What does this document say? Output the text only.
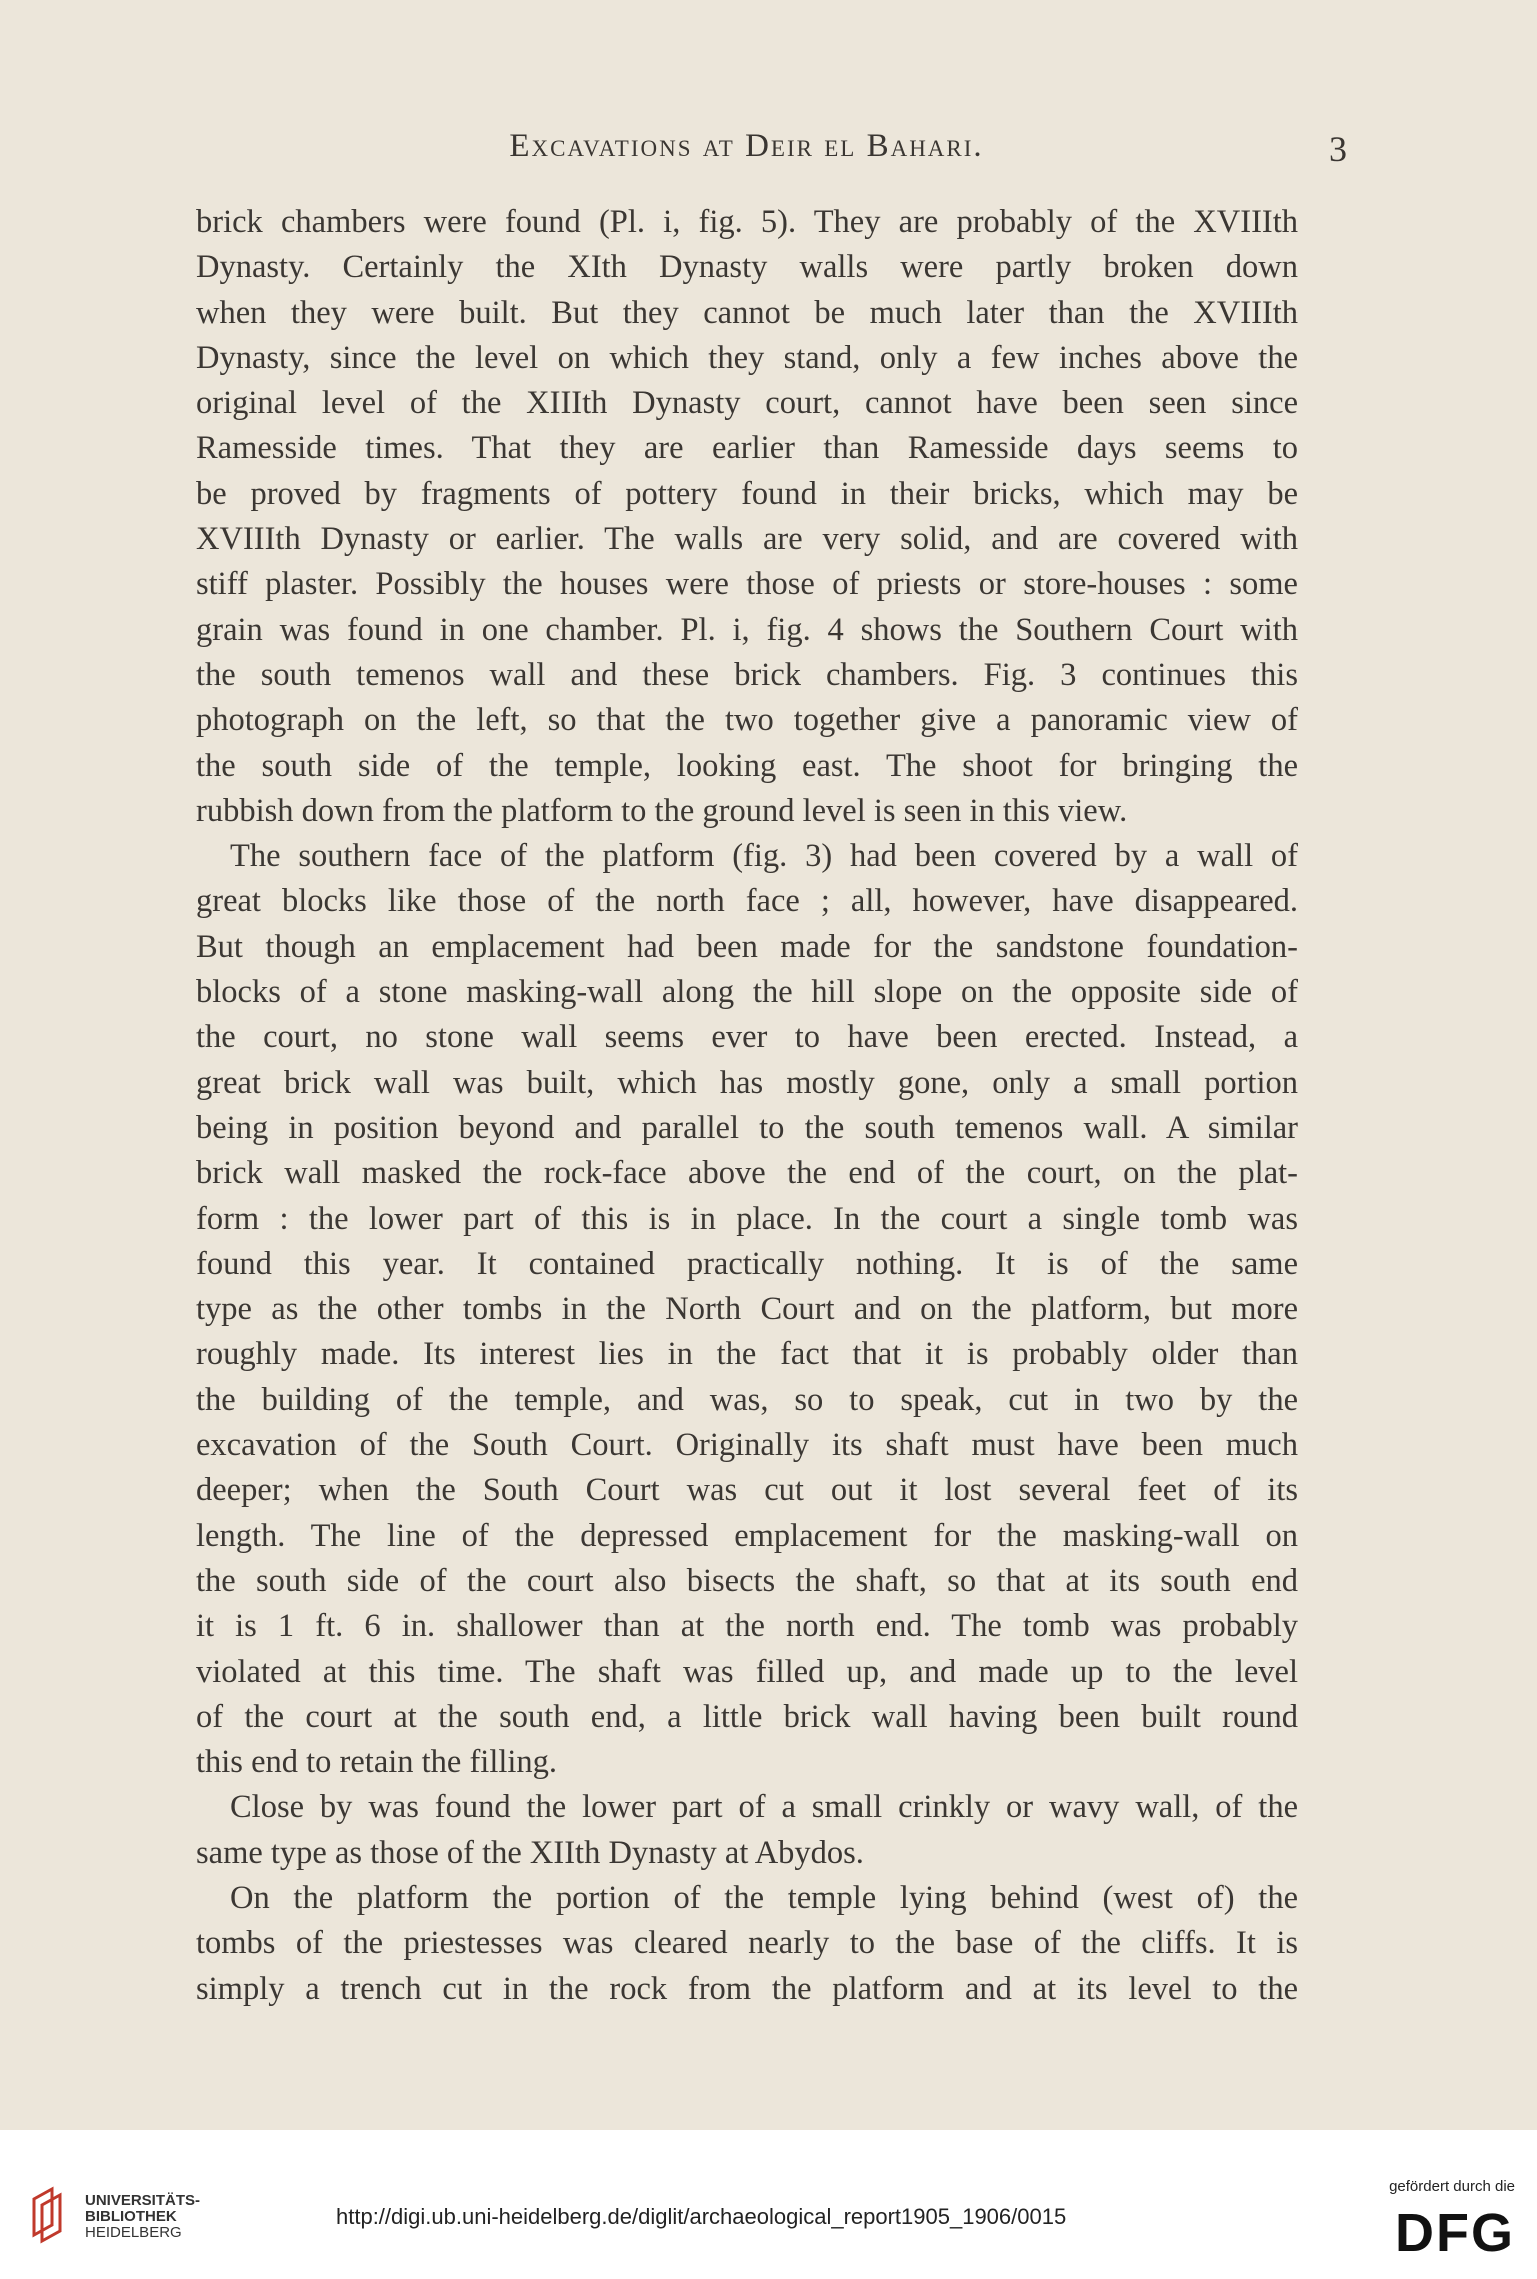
Excavations at Deir el Bahari.	3
brick chambers were found (Pl. i, fig. 5). They are probably of the XVIIIth
Dynasty. Certainly the XIth Dynasty walls were partly broken down
when they were built. But they cannot be much later than the XVIIIth
Dynasty, since the level on which they stand, only a few inches above the
original level of the XIIIth Dynasty court, cannot have been seen since
Ramesside times. That they are earlier than Ramesside days seems to
be proved by fragments of pottery found in their bricks, which may be
XVIIIth Dynasty or earlier. The walls are very solid, and are covered with
stiff plaster. Possibly the houses were those of priests or store-houses : some
grain was found in one chamber. Pl. i, fig. 4 shows the Southern Court with
the south temenos wall and these brick chambers. Fig. 3 continues this
photograph on the left, so that the two together give a panoramic view of
the south side of the temple, looking east. The shoot for bringing the
rubbish down from the platform to the ground level is seen in this view.
The southern face of the platform (fig. 3) had been covered by a wall of
great blocks like those of the north face ; all, however, have disappeared.
But though an emplacement had been made for the sandstone foundation-
blocks of a stone masking-wall along the hill slope on the opposite side of
the court, no stone wall seems ever to have been erected. Instead, a
great brick wall was built, which has mostly gone, only a small portion
being in position beyond and parallel to the south temenos wall. A similar
brick wall masked the rock-face above the end of the court, on the plat-
form : the lower part of this is in place. In the court a single tomb was
found this year. It contained practically nothing. It is of the same
type as the other tombs in the North Court and on the platform, but more
roughly made. Its interest lies in the fact that it is probably older than
the building of the temple, and was, so to speak, cut in two by the
excavation of the South Court. Originally its shaft must have been much
deeper; when the South Court was cut out it lost several feet of its
length. The line of the depressed emplacement for the masking-wall on
the south side of the court also bisects the shaft, so that at its south end
it is 1 ft. 6 in. shallower than at the north end. The tomb was probably
violated at this time. The shaft was filled up, and made up to the level
of the court at the south end, a little brick wall having been built round
this end to retain the filling.
Close by was found the lower part of a small crinkly or wavy wall, of the
same type as those of the XIIth Dynasty at Abydos.
On the platform the portion of the temple lying behind (west of) the
tombs of the priestesses was cleared nearly to the base of the cliffs. It is
simply a trench cut in the rock from the platform and at its level to the
UNIVERSITÄTS-
BIBLIOTHEK
HEIDELBERG
http://digi.ub.uni-heidelberg.de/diglit/archaeological_report1905_1906/0015
gefördert durch die
DFG
